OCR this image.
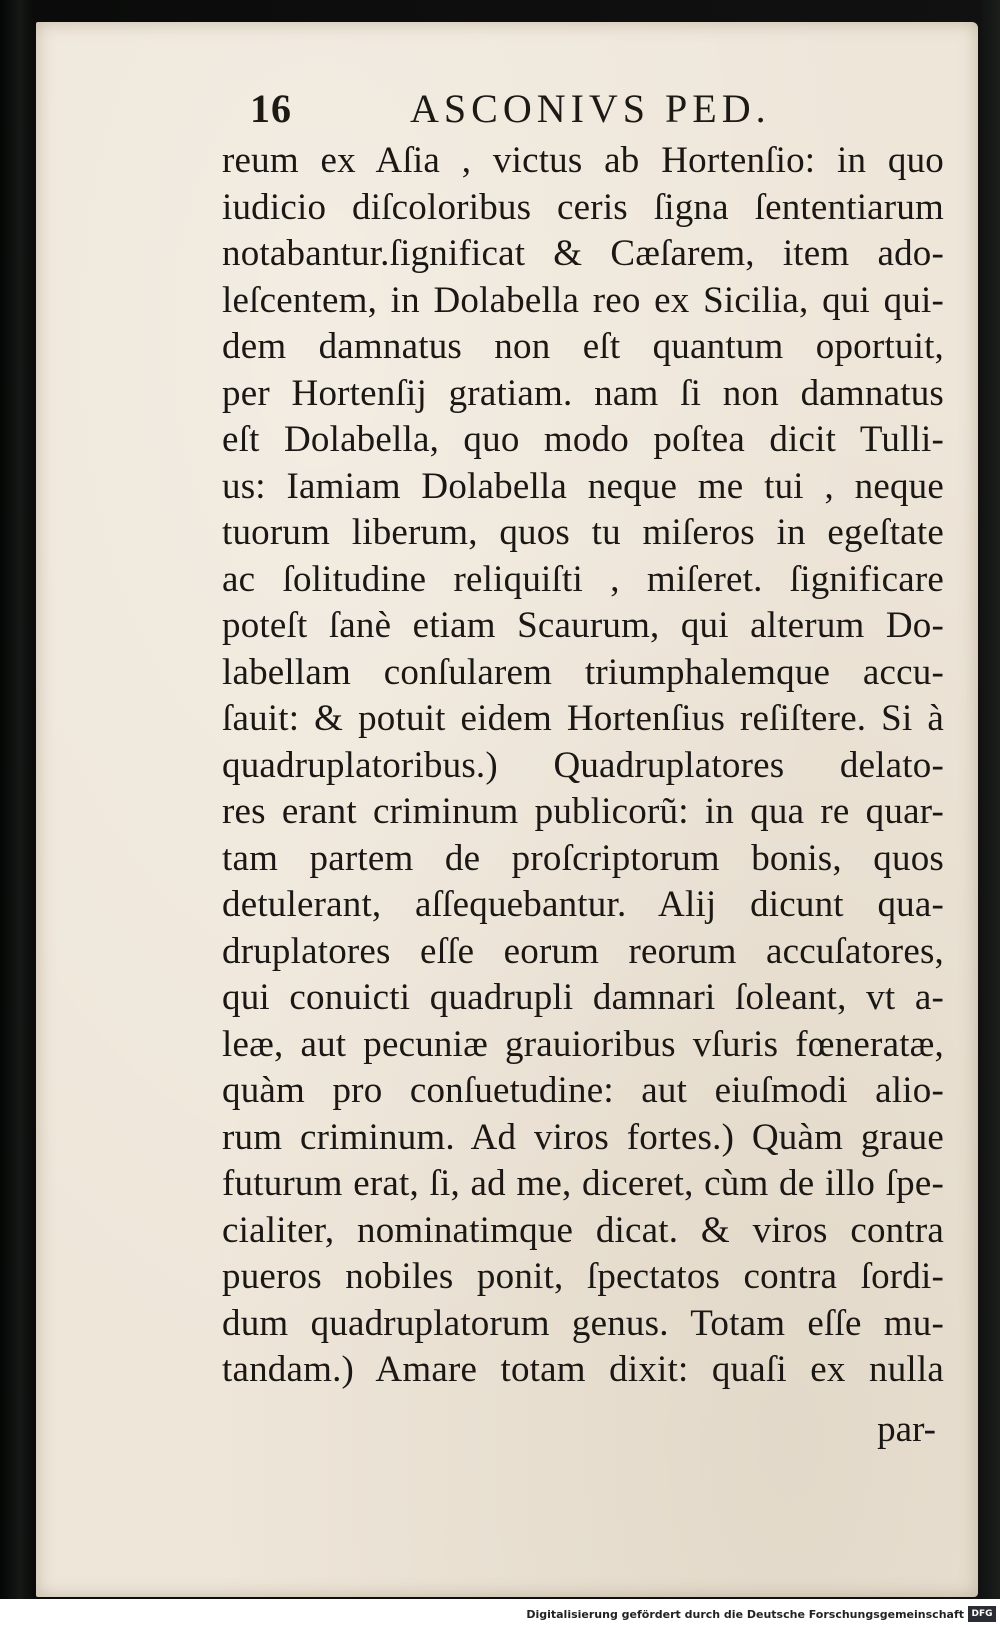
16	ASCONIVS PED.
reum ex Aſia , victus ab Hortenſio: in quo
iudicio diſcoloribus ceris ſigna ſententiarum
notabantur.ſignificat & Cæſarem, item ado-
leſcentem, in Dolabella reo ex Sicilia, qui qui-
dem damnatus non eſt quantum oportuit,
per Hortenſij gratiam. nam ſi non damnatus
eſt Dolabella, quo modo poſtea dicit Tulli-
us: Iamiam Dolabella neque me tui , neque
tuorum liberum, quos tu miſeros in egeſtate
ac ſolitudine reliquiſti , miſeret. ſignificare
poteſt ſanè etiam Scaurum, qui alterum Do-
labellam conſularem triumphalemque accu-
ſauit: & potuit eidem Hortenſius reſiſtere. Si à
quadruplatoribus.) Quadruplatores delato-
res erant criminum publicorũ: in qua re quar-
tam partem de proſcriptorum bonis, quos
detulerant, aſſequebantur. Alij dicunt qua-
druplatores eſſe eorum reorum accuſatores,
qui conuicti quadrupli damnari ſoleant, vt a-
leæ, aut pecuniæ grauioribus vſuris fœneratæ,
quàm pro conſuetudine: aut eiuſmodi alio-
rum criminum. Ad viros fortes.) Quàm graue
futurum erat, ſi, ad me, diceret, cùm de illo ſpe-
cialiter, nominatimque dicat. & viros contra
pueros nobiles ponit, ſpectatos contra ſordi-
dum quadruplatorum genus. Totam eſſe mu-
tandam.) Amare totam dixit: quaſi ex nulla
par-
Digitalisierung gefördert durch die Deutsche Forschungsgemeinschaft DFG
